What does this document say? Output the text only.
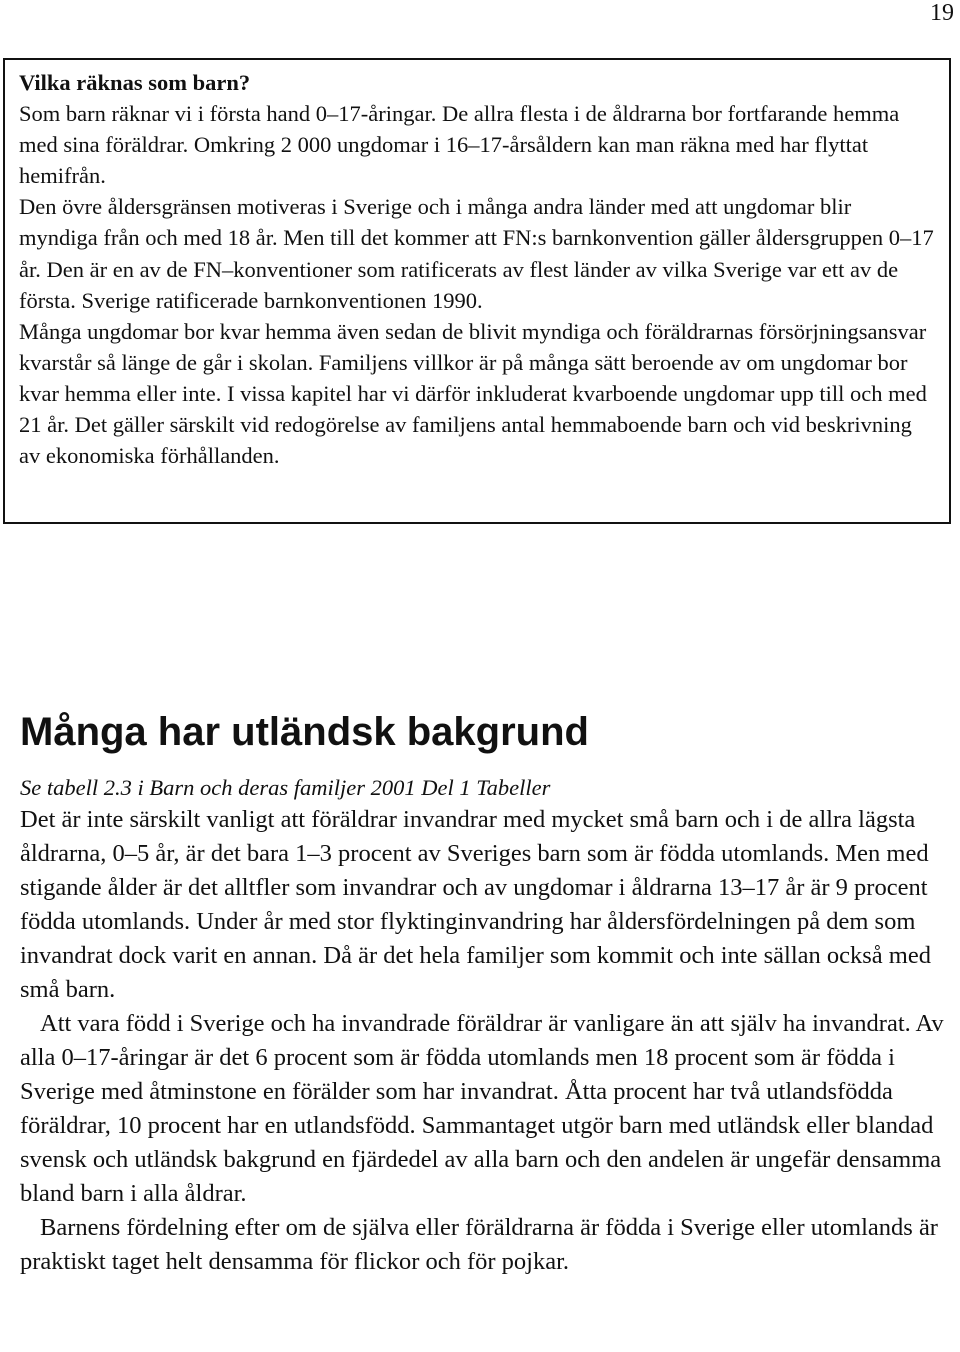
19

Vilka räknas som barn?

Som barn räknar vi i första hand 0–17-åringar. De allra flesta i de åldrarna bor fortfarande hemma med sina föräldrar. Omkring 2 000 ungdomar i 16–17-årsåldern kan man räkna med har flyttat hemifrån.

Den övre åldersgränsen motiveras i Sverige och i många andra länder med att ungdomar blir myndiga från och med 18 år. Men till det kommer att FN:s barnkonvention gäller åldersgruppen 0–17 år. Den är en av de FN–konventioner som ratificerats av flest länder av vilka Sverige var ett av de första. Sverige ratificerade barnkonventionen 1990.

Många ungdomar bor kvar hemma även sedan de blivit myndiga och föräldrarnas försörjningsansvar kvarstår så länge de går i skolan. Familjens villkor är på många sätt beroende av om ungdomar bor kvar hemma eller inte. I vissa kapitel har vi därför inkluderat kvarboende ungdomar upp till och med 21 år. Det gäller särskilt vid redogörelse av familjens antal hemmaboende barn och vid beskrivning av ekonomiska förhållanden.

Många har utländsk bakgrund

Se tabell 2.3 i Barn och deras familjer 2001 Del 1 Tabeller

Det är inte särskilt vanligt att föräldrar invandrar med mycket små barn och i de allra lägsta åldrarna, 0–5 år, är det bara 1–3 procent av Sveriges barn som är födda utomlands. Men med stigande ålder är det alltfler som invandrar och av ungdomar i åldrarna 13–17 år är 9 procent födda utomlands. Under år med stor flyktinginvandring har åldersfördelningen på dem som invandrat dock varit en annan. Då är det hela familjer som kommit och inte sällan också med små barn.

Att vara född i Sverige och ha invandrade föräldrar är vanligare än att själv ha invandrat. Av alla 0–17-åringar är det 6 procent som är födda utomlands men 18 procent som är födda i Sverige med åtminstone en förälder som har invandrat. Åtta procent har två utlandsfödda föräldrar, 10 procent har en utlandsfödd. Sammantaget utgör barn med utländsk eller blandad svensk och utländsk bakgrund en fjärdedel av alla barn och den andelen är ungefär densamma bland barn i alla åldrar.

Barnens fördelning efter om de själva eller föräldrarna är födda i Sverige eller utomlands är praktiskt taget helt densamma för flickor och för pojkar.
